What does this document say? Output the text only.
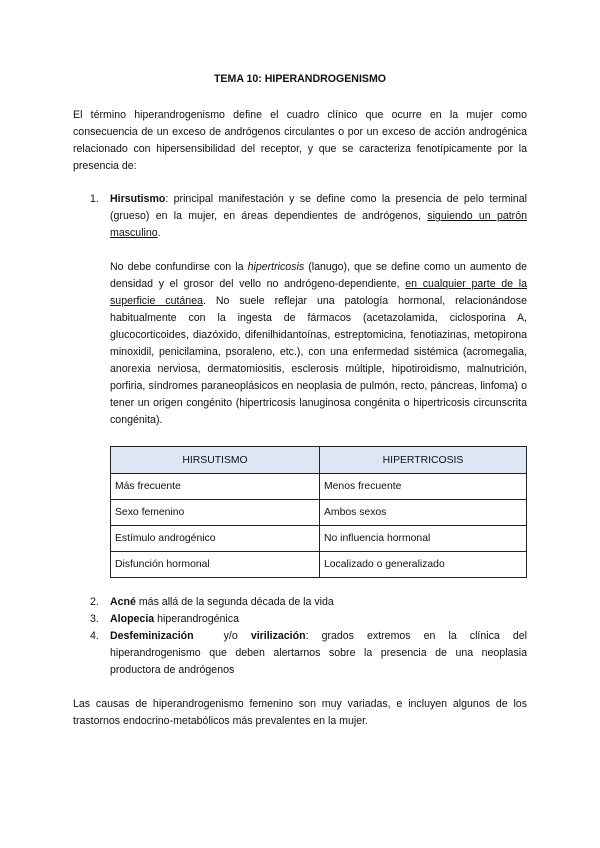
TEMA 10: HIPERANDROGENISMO
El término hiperandrogenismo define el cuadro clínico que ocurre en la mujer como consecuencia de un exceso de andrógenos circulantes o por un exceso de acción androgénica relacionado con hipersensibilidad del receptor, y que se caracteriza fenotípicamente por la presencia de:
1. Hirsutismo: principal manifestación y se define como la presencia de pelo terminal (grueso) en la mujer, en áreas dependientes de andrógenos, siguiendo un patrón masculino.
No debe confundirse con la hipertricosis (lanugo), que se define como un aumento de densidad y el grosor del vello no andrógeno-dependiente, en cualquier parte de la superficie cutánea. No suele reflejar una patología hormonal, relacionándose habitualmente con la ingesta de fármacos (acetazolamida, ciclosporina A, glucocorticoides, diazóxido, difenilhidantoínas, estreptomicina, fenotiazinas, metopirona minoxidil, penicilamina, psoraleno, etc.), con una enfermedad sistémica (acromegalia, anorexia nerviosa, dermatomiositis, esclerosis múltiple, hipotiroidismo, malnutrición, porfiria, síndromes paraneoplásicos en neoplasia de pulmón, recto, páncreas, linfoma) o tener un origen congénito (hipertricosis lanuginosa congénita o hipertricosis circunscrita congénita).
HIRSUTISMO	HIPERTRICOSIS
Más frecuente	Menos frecuente
Sexo femenino	Ambos sexos
Estímulo androgénico	No influencia hormonal
Disfunción hormonal	Localizado o generalizado
2. Acné más allá de la segunda década de la vida
3. Alopecia hiperandrogénica
4. Desfeminización	y/o virilización: grados extremos en la clínica del hiperandrogenismo que deben alertarnos sobre la presencia de una neoplasia productora de andrógenos
Las causas de hiperandrogenismo femenino son muy variadas, e incluyen algunos de los trastornos endocrino-metabólicos más prevalentes en la mujer.
